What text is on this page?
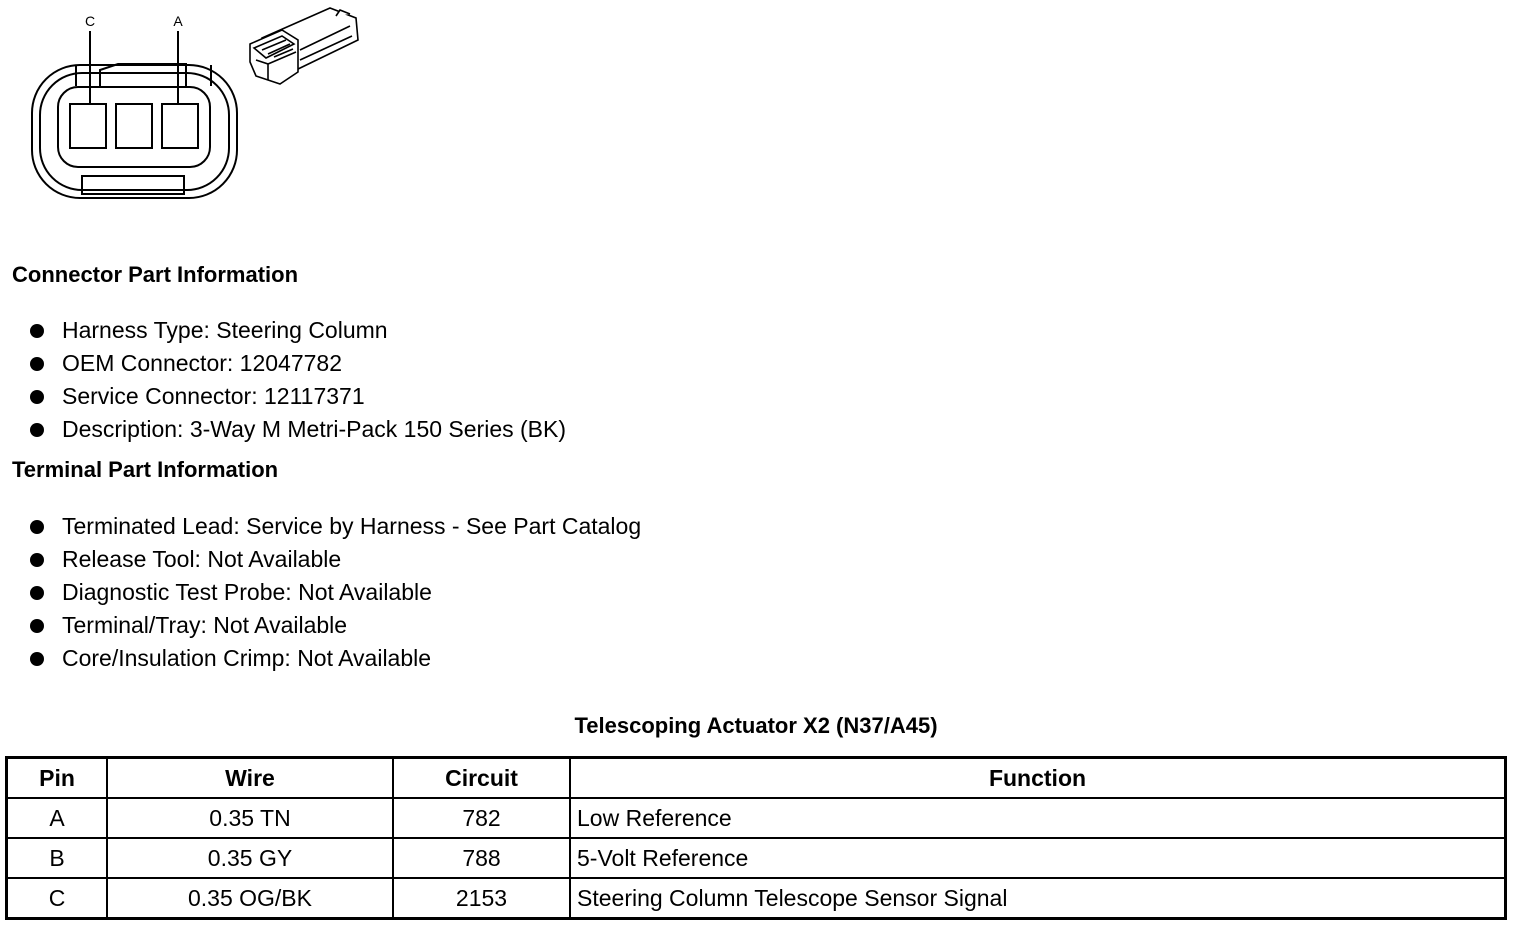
C	A
Connector Part Information
Harness Type: Steering Column
OEM Connector: 12047782
Service Connector: 12117371
Description: 3-Way M Metri-Pack 150 Series (BK)
Terminal Part Information
Terminated Lead: Service by Harness - See Part Catalog
Release Tool: Not Available
Diagnostic Test Probe: Not Available
Terminal/Tray: Not Available
Core/Insulation Crimp: Not Available
Telescoping Actuator X2 (N37/A45)
Pin	Wire	Circuit	Function
A	0.35 TN	782	Low Reference
B	0.35 GY	788	5-Volt Reference
C	0.35 OG/BK	2153	Steering Column Telescope Sensor Signal
